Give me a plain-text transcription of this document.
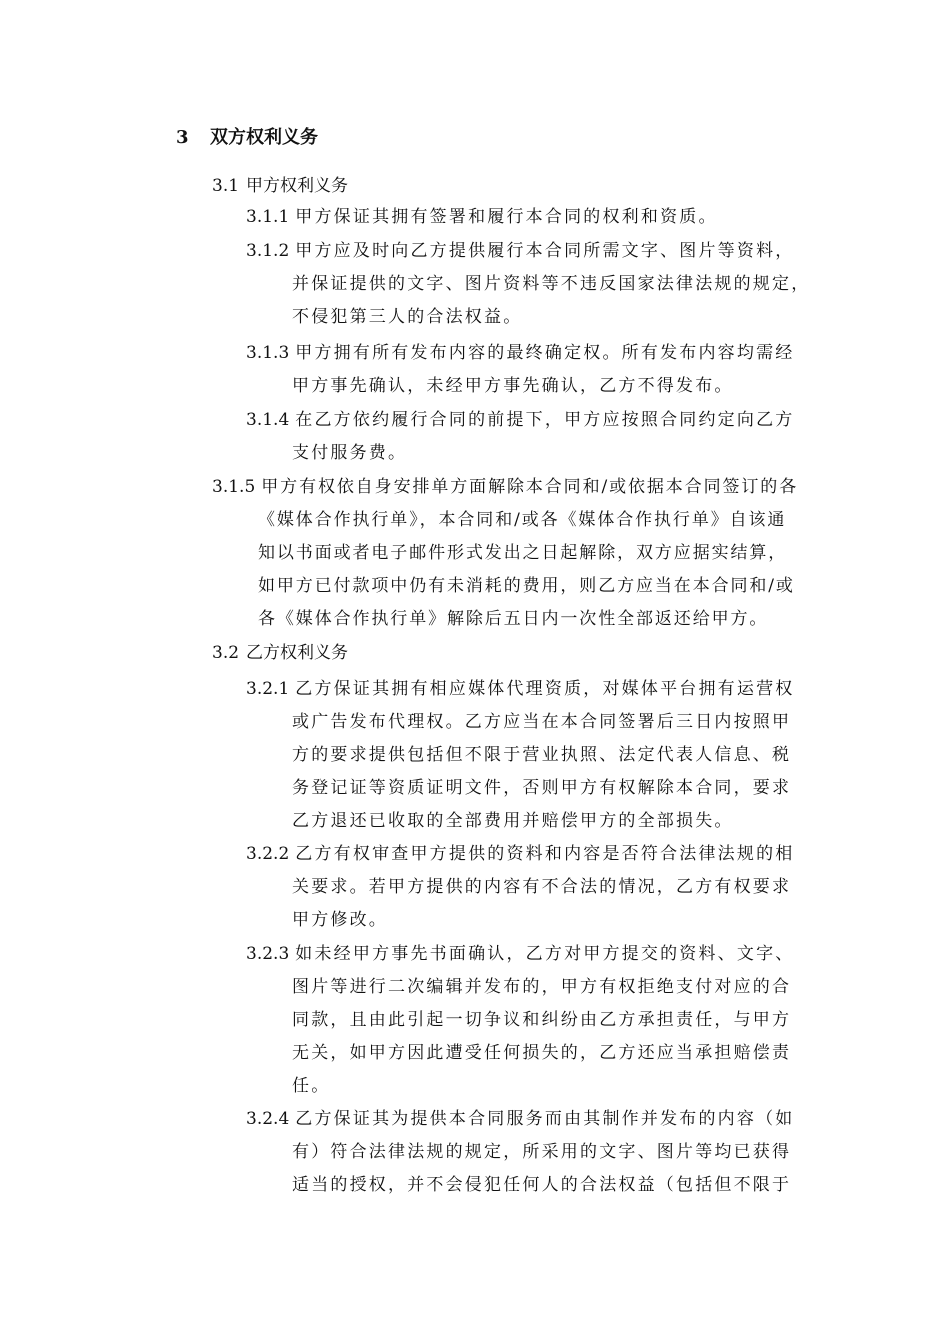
3 双方权利义务
3.1 甲方权利义务
3.1.1 甲方保证其拥有签署和履行本合同的权利和资质。
3.1.2 甲方应及时向乙方提供履行本合同所需文字、图片等资料，
并保证提供的文字、图片资料等不违反国家法律法规的规定，
不侵犯第三人的合法权益。
3.1.3 甲方拥有所有发布内容的最终确定权。所有发布内容均需经
甲方事先确认，未经甲方事先确认，乙方不得发布。
3.1.4 在乙方依约履行合同的前提下，甲方应按照合同约定向乙方
支付服务费。
3.1.5 甲方有权依自身安排单方面解除本合同和/或依据本合同签订的各
《媒体合作执行单》，本合同和/或各《媒体合作执行单》自该通
知以书面或者电子邮件形式发出之日起解除，双方应据实结算，
如甲方已付款项中仍有未消耗的费用，则乙方应当在本合同和/或
各《媒体合作执行单》解除后五日内一次性全部返还给甲方。
3.2 乙方权利义务
3.2.1 乙方保证其拥有相应媒体代理资质，对媒体平台拥有运营权
或广告发布代理权。乙方应当在本合同签署后三日内按照甲
方的要求提供包括但不限于营业执照、法定代表人信息、税
务登记证等资质证明文件，否则甲方有权解除本合同，要求
乙方退还已收取的全部费用并赔偿甲方的全部损失。
3.2.2 乙方有权审查甲方提供的资料和内容是否符合法律法规的相
关要求。若甲方提供的内容有不合法的情况，乙方有权要求
甲方修改。
3.2.3 如未经甲方事先书面确认，乙方对甲方提交的资料、文字、
图片等进行二次编辑并发布的，甲方有权拒绝支付对应的合
同款，且由此引起一切争议和纠纷由乙方承担责任，与甲方
无关，如甲方因此遭受任何损失的，乙方还应当承担赔偿责
任。
3.2.4 乙方保证其为提供本合同服务而由其制作并发布的内容（如
有）符合法律法规的规定，所采用的文字、图片等均已获得
适当的授权，并不会侵犯任何人的合法权益（包括但不限于
